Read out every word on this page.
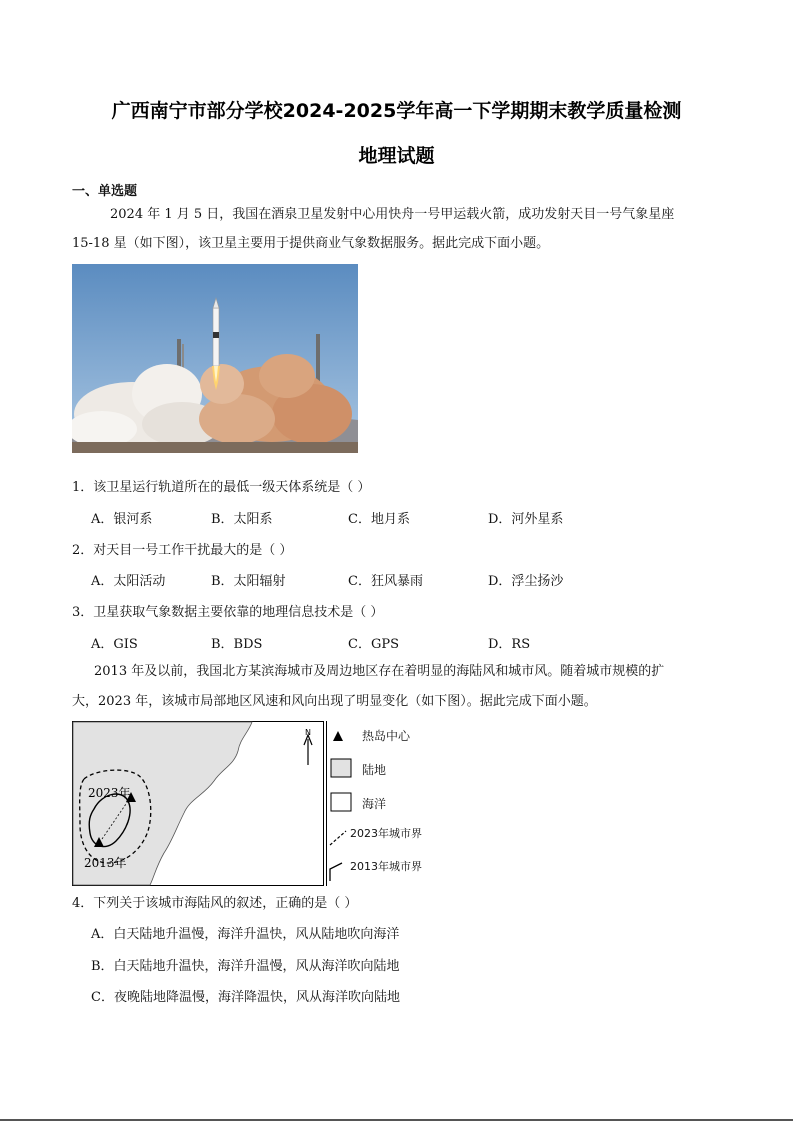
广西南宁市部分学校2024-2025学年高一下学期期末教学质量检测
地理试题
一、单选题
2024 年 1 月 5 日，我国在酒泉卫星发射中心用快舟一号甲运载火箭，成功发射天目一号气象星座
15-18 星（如下图），该卫星主要用于提供商业气象数据服务。据此完成下面小题。
1．该卫星运行轨道所在的最低一级天体系统是（ ）
A．银河系	B．太阳系	C．地月系	D．河外星系
2．对天目一号工作干扰最大的是（ ）
A．太阳活动	B．太阳辐射	C．狂风暴雨	D．浮尘扬沙
3．卫星获取气象数据主要依靠的地理信息技术是（ ）
A．GIS	B．BDS	C．GPS	D．RS
2013 年及以前，我国北方某滨海城市及周边地区存在着明显的海陆风和城市风。随着城市规模的扩
大，2023 年，该城市局部地区风速和风向出现了明显变化（如下图）。据此完成下面小题。
2023年
2013年
N	热岛中心
陆地
海洋
2023年城市界
2013年城市界
4．下列关于该城市海陆风的叙述，正确的是（ ）
A．白天陆地升温慢，海洋升温快，风从陆地吹向海洋
B．白天陆地升温快，海洋升温慢，风从海洋吹向陆地
C．夜晚陆地降温慢，海洋降温快，风从海洋吹向陆地
